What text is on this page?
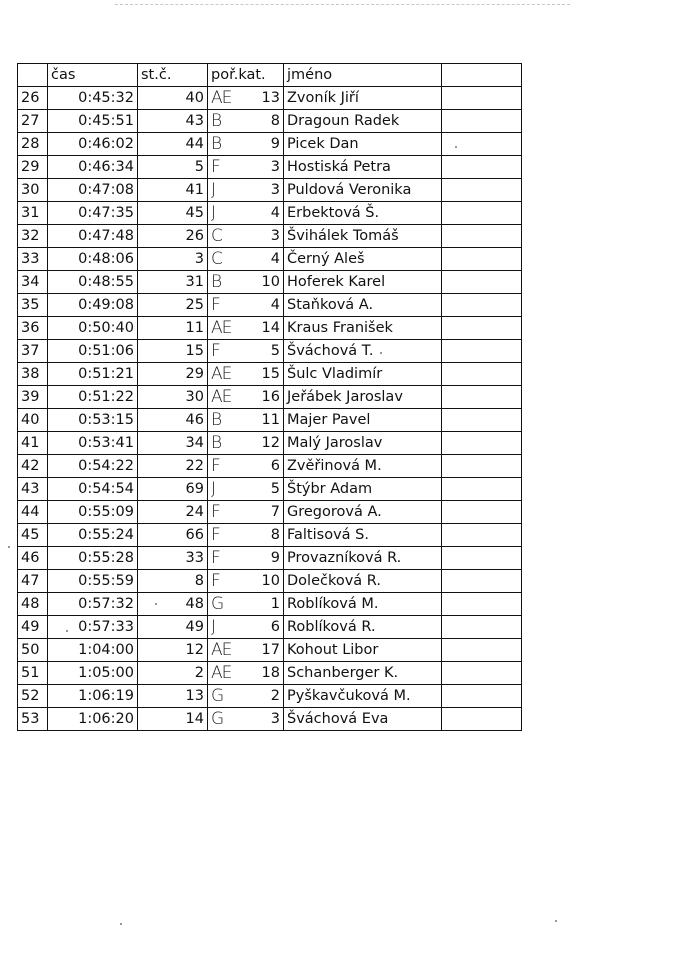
	čas	st.č.	poř.kat.		jméno	
26	0:45:32	40	AE	13	Zvoník Jiří	
27	0:45:51	43	B	8	Dragoun Radek	
28	0:46:02	44	B	9	Picek Dan	
29	0:46:34	5	F	3	Hostiská Petra	
30	0:47:08	41	J	3	Puldová Veronika	
31	0:47:35	45	J	4	Erbektová Š.	
32	0:47:48	26	C	3	Švihálek Tomáš	
33	0:48:06	3	C	4	Černý Aleš	
34	0:48:55	31	B	10	Hoferek Karel	
35	0:49:08	25	F	4	Staňková A.	
36	0:50:40	11	AE	14	Kraus Franišek	
37	0:51:06	15	F	5	Šváchová T.	
38	0:51:21	29	AE	15	Šulc Vladimír	
39	0:51:22	30	AE	16	Jeřábek Jaroslav	
40	0:53:15	46	B	11	Majer Pavel	
41	0:53:41	34	B	12	Malý Jaroslav	
42	0:54:22	22	F	6	Zvěřinová M.	
43	0:54:54	69	J	5	Štýbr Adam	
44	0:55:09	24	F	7	Gregorová A.	
45	0:55:24	66	F	8	Faltisová S.	
46	0:55:28	33	F	9	Provazníková R.	
47	0:55:59	8	F	10	Dolečková R.	
48	0:57:32	48	G	1	Roblíková M.	
49	0:57:33	49	J	6	Roblíková R.	
50	1:04:00	12	AE	17	Kohout Libor	
51	1:05:00	2	AE	18	Schanberger K.	
52	1:06:19	13	G	2	Pyškavčuková M.	
53	1:06:20	14	G	3	Šváchová Eva	
